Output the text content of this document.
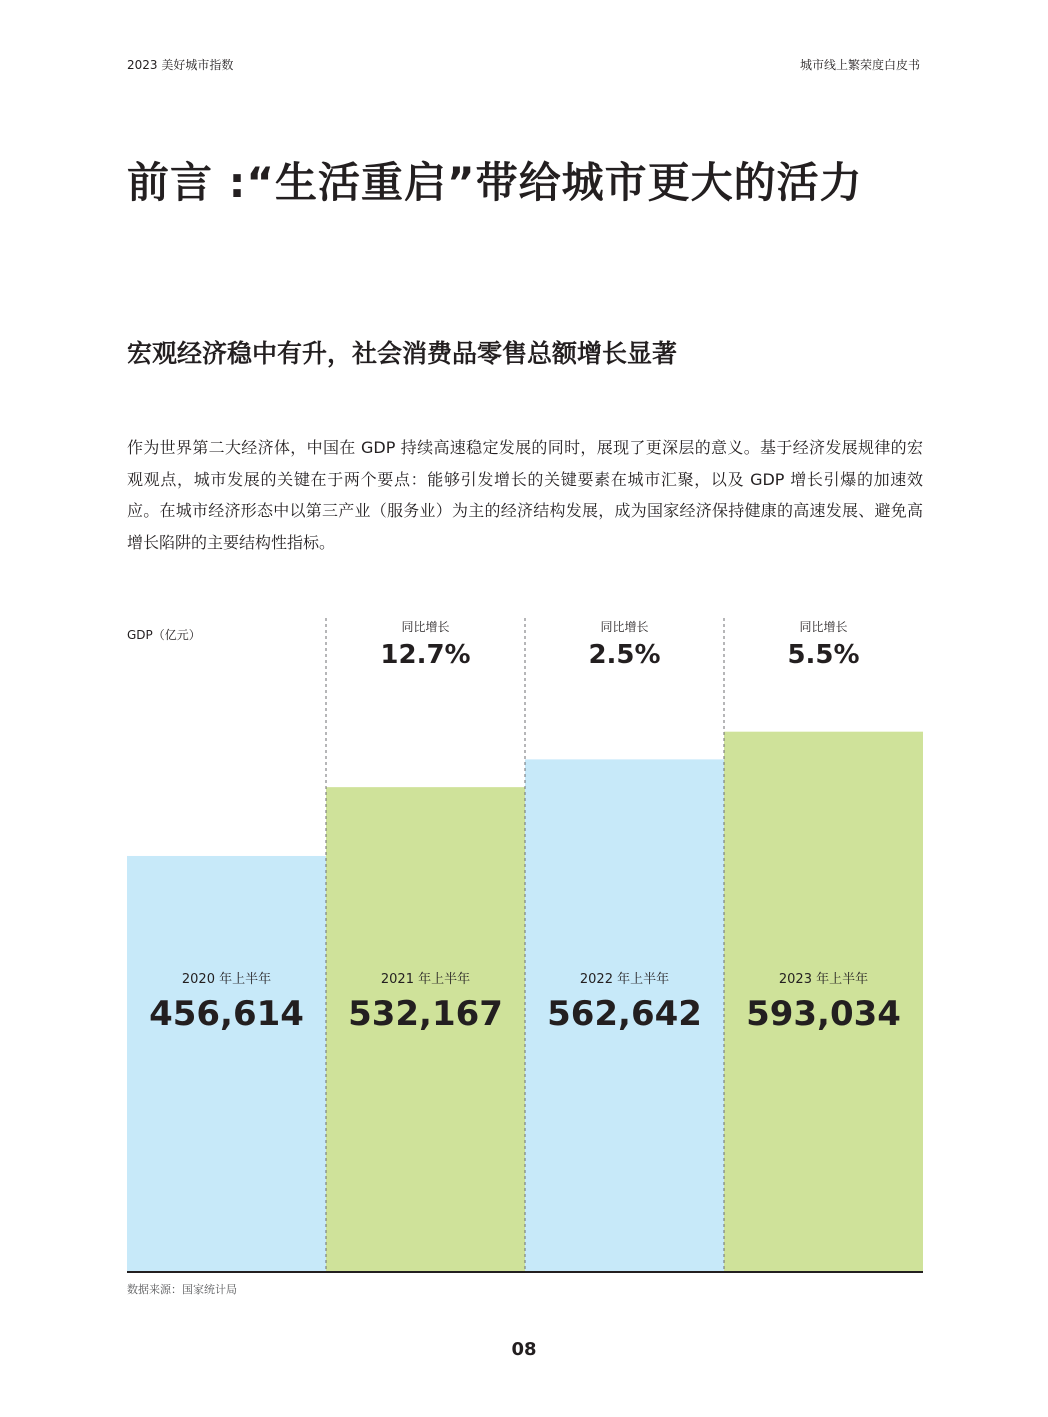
2023 美好城市指数	城市线上繁荣度白皮书
前言 :“生活重启”带给城市更大的活力
宏观经济稳中有升，社会消费品零售总额增长显著

作为世界第二大经济体，中国在 GDP 持续高速稳定发展的同时，展现了更深层的意义。基于经济发展规律的宏观观点，城市发展的关键在于两个要点：能够引发增长的关键要素在城市汇聚，以及 GDP 增长引爆的加速效应。在城市经济形态中以第三产业（服务业）为主的经济结构发展，成为国家经济保持健康的高速发展、避免高增长陷阱的主要结构性指标。

GDP（亿元）
2020 年上半年
456,614
同比增长
12.7%
2021 年上半年
532,167
同比增长
2.5%
2022 年上半年
562,642
同比增长
5.5%
2023 年上半年
593,034
数据来源：国家统计局
08
